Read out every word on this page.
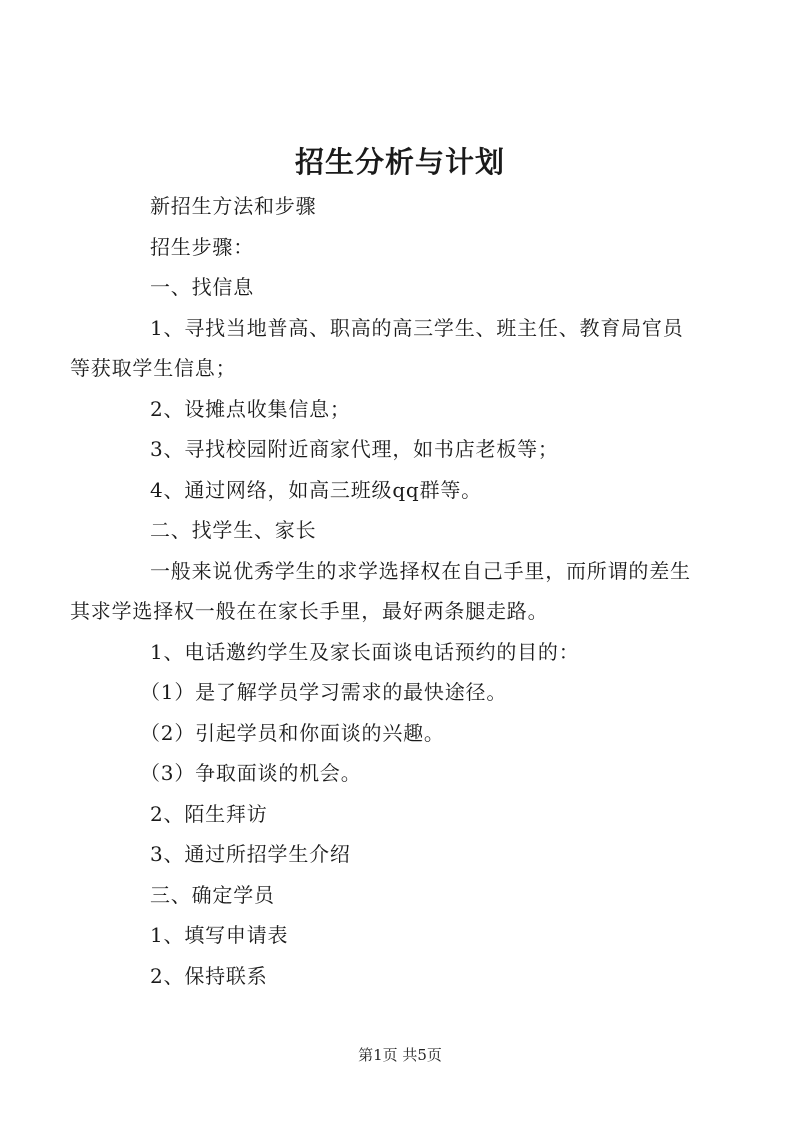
招生分析与计划

新招生方法和步骤

招生步骤：

一、找信息

1、寻找当地普高、职高的高三学生、班主任、教育局官员等获取学生信息；

2、设摊点收集信息；

3、寻找校园附近商家代理，如书店老板等；

4、通过网络，如高三班级qq群等。

二、找学生、家长

一般来说优秀学生的求学选择权在自己手里，而所谓的差生其求学选择权一般在在家长手里，最好两条腿走路。

1、电话邀约学生及家长面谈电话预约的目的：

（1）是了解学员学习需求的最快途径。

（2）引起学员和你面谈的兴趣。

（3）争取面谈的机会。

2、陌生拜访

3、通过所招学生介绍

三、确定学员

1、填写申请表

2、保持联系

第1页 共5页
